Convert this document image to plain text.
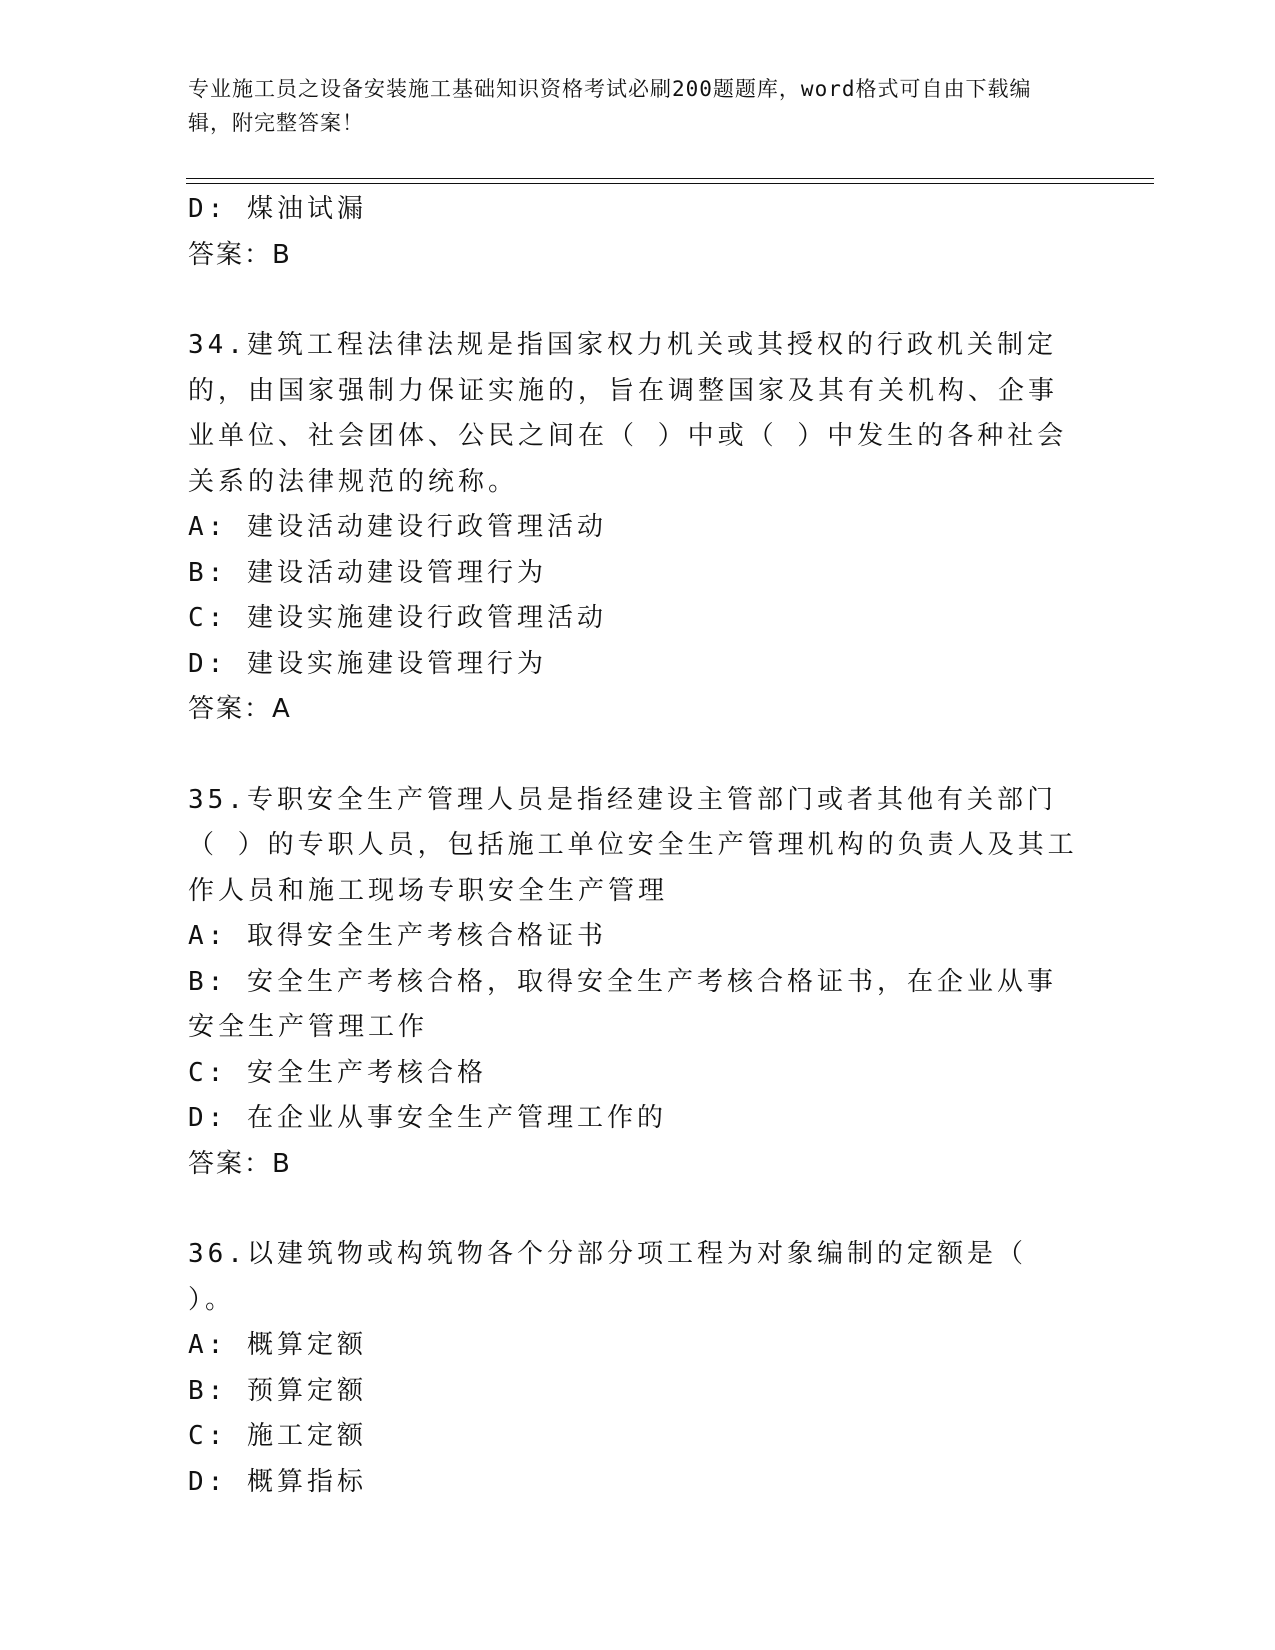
专业施工员之设备安装施工基础知识资格考试必刷200题题库，word格式可自由下载编辑，附完整答案！

D: 煤油试漏

答案：B

34.建筑工程法律法规是指国家权力机关或其授权的行政机关制定的，由国家强制力保证实施的，旨在调整国家及其有关机构、企事业单位、社会团体、公民之间在（ ）中或（ ）中发生的各种社会关系的法律规范的统称。

A: 建设活动建设行政管理活动

B: 建设活动建设管理行为

C: 建设实施建设行政管理活动

D: 建设实施建设管理行为

答案：A

35.专职安全生产管理人员是指经建设主管部门或者其他有关部门（ ）的专职人员，包括施工单位安全生产管理机构的负责人及其工作人员和施工现场专职安全生产管理

A: 取得安全生产考核合格证书

B: 安全生产考核合格，取得安全生产考核合格证书，在企业从事安全生产管理工作

C: 安全生产考核合格

D: 在企业从事安全生产管理工作的

答案：B

36.以建筑物或构筑物各个分部分项工程为对象编制的定额是（ ）。

A: 概算定额

B: 预算定额

C: 施工定额

D: 概算指标
